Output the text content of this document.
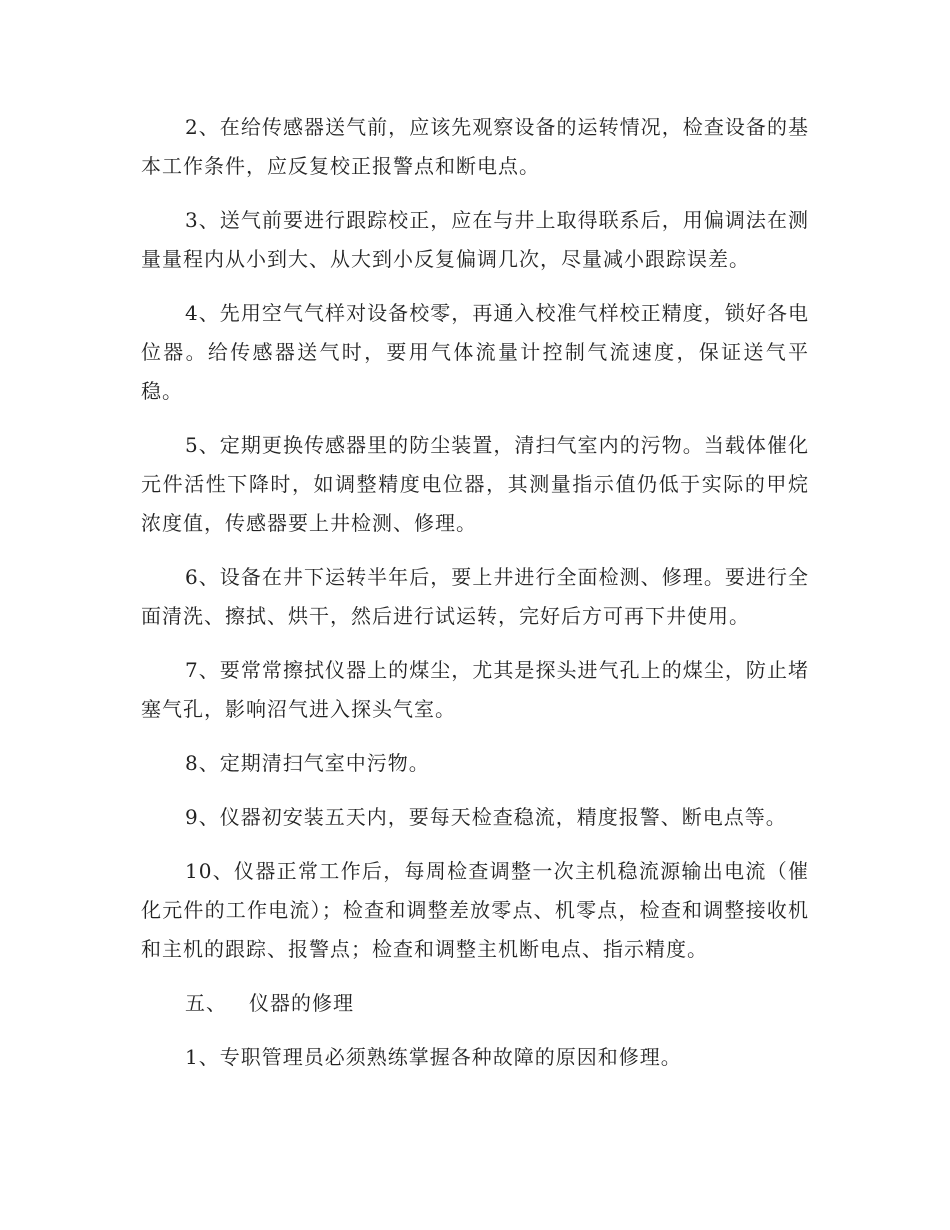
2、在给传感器送气前，应该先观察设备的运转情况，检查设备的基本工作条件，应反复校正报警点和断电点。

3、送气前要进行跟踪校正，应在与井上取得联系后，用偏调法在测量量程内从小到大、从大到小反复偏调几次，尽量减小跟踪误差。

4、先用空气气样对设备校零，再通入校准气样校正精度，锁好各电位器。给传感器送气时，要用气体流量计控制气流速度，保证送气平稳。

5、定期更换传感器里的防尘装置，清扫气室内的污物。当载体催化元件活性下降时，如调整精度电位器，其测量指示值仍低于实际的甲烷浓度值，传感器要上井检测、修理。

6、设备在井下运转半年后，要上井进行全面检测、修理。要进行全面清洗、擦拭、烘干，然后进行试运转，完好后方可再下井使用。

7、要常常擦拭仪器上的煤尘，尤其是探头进气孔上的煤尘，防止堵塞气孔，影响沼气进入探头气室。

8、定期清扫气室中污物。

9、仪器初安装五天内，要每天检查稳流，精度报警、断电点等。

10、仪器正常工作后，每周检查调整一次主机稳流源输出电流（催化元件的工作电流）；检查和调整差放零点、机零点，检查和调整接收机和主机的跟踪、报警点；检查和调整主机断电点、指示精度。

五、 仪器的修理

1、专职管理员必须熟练掌握各种故障的原因和修理。
